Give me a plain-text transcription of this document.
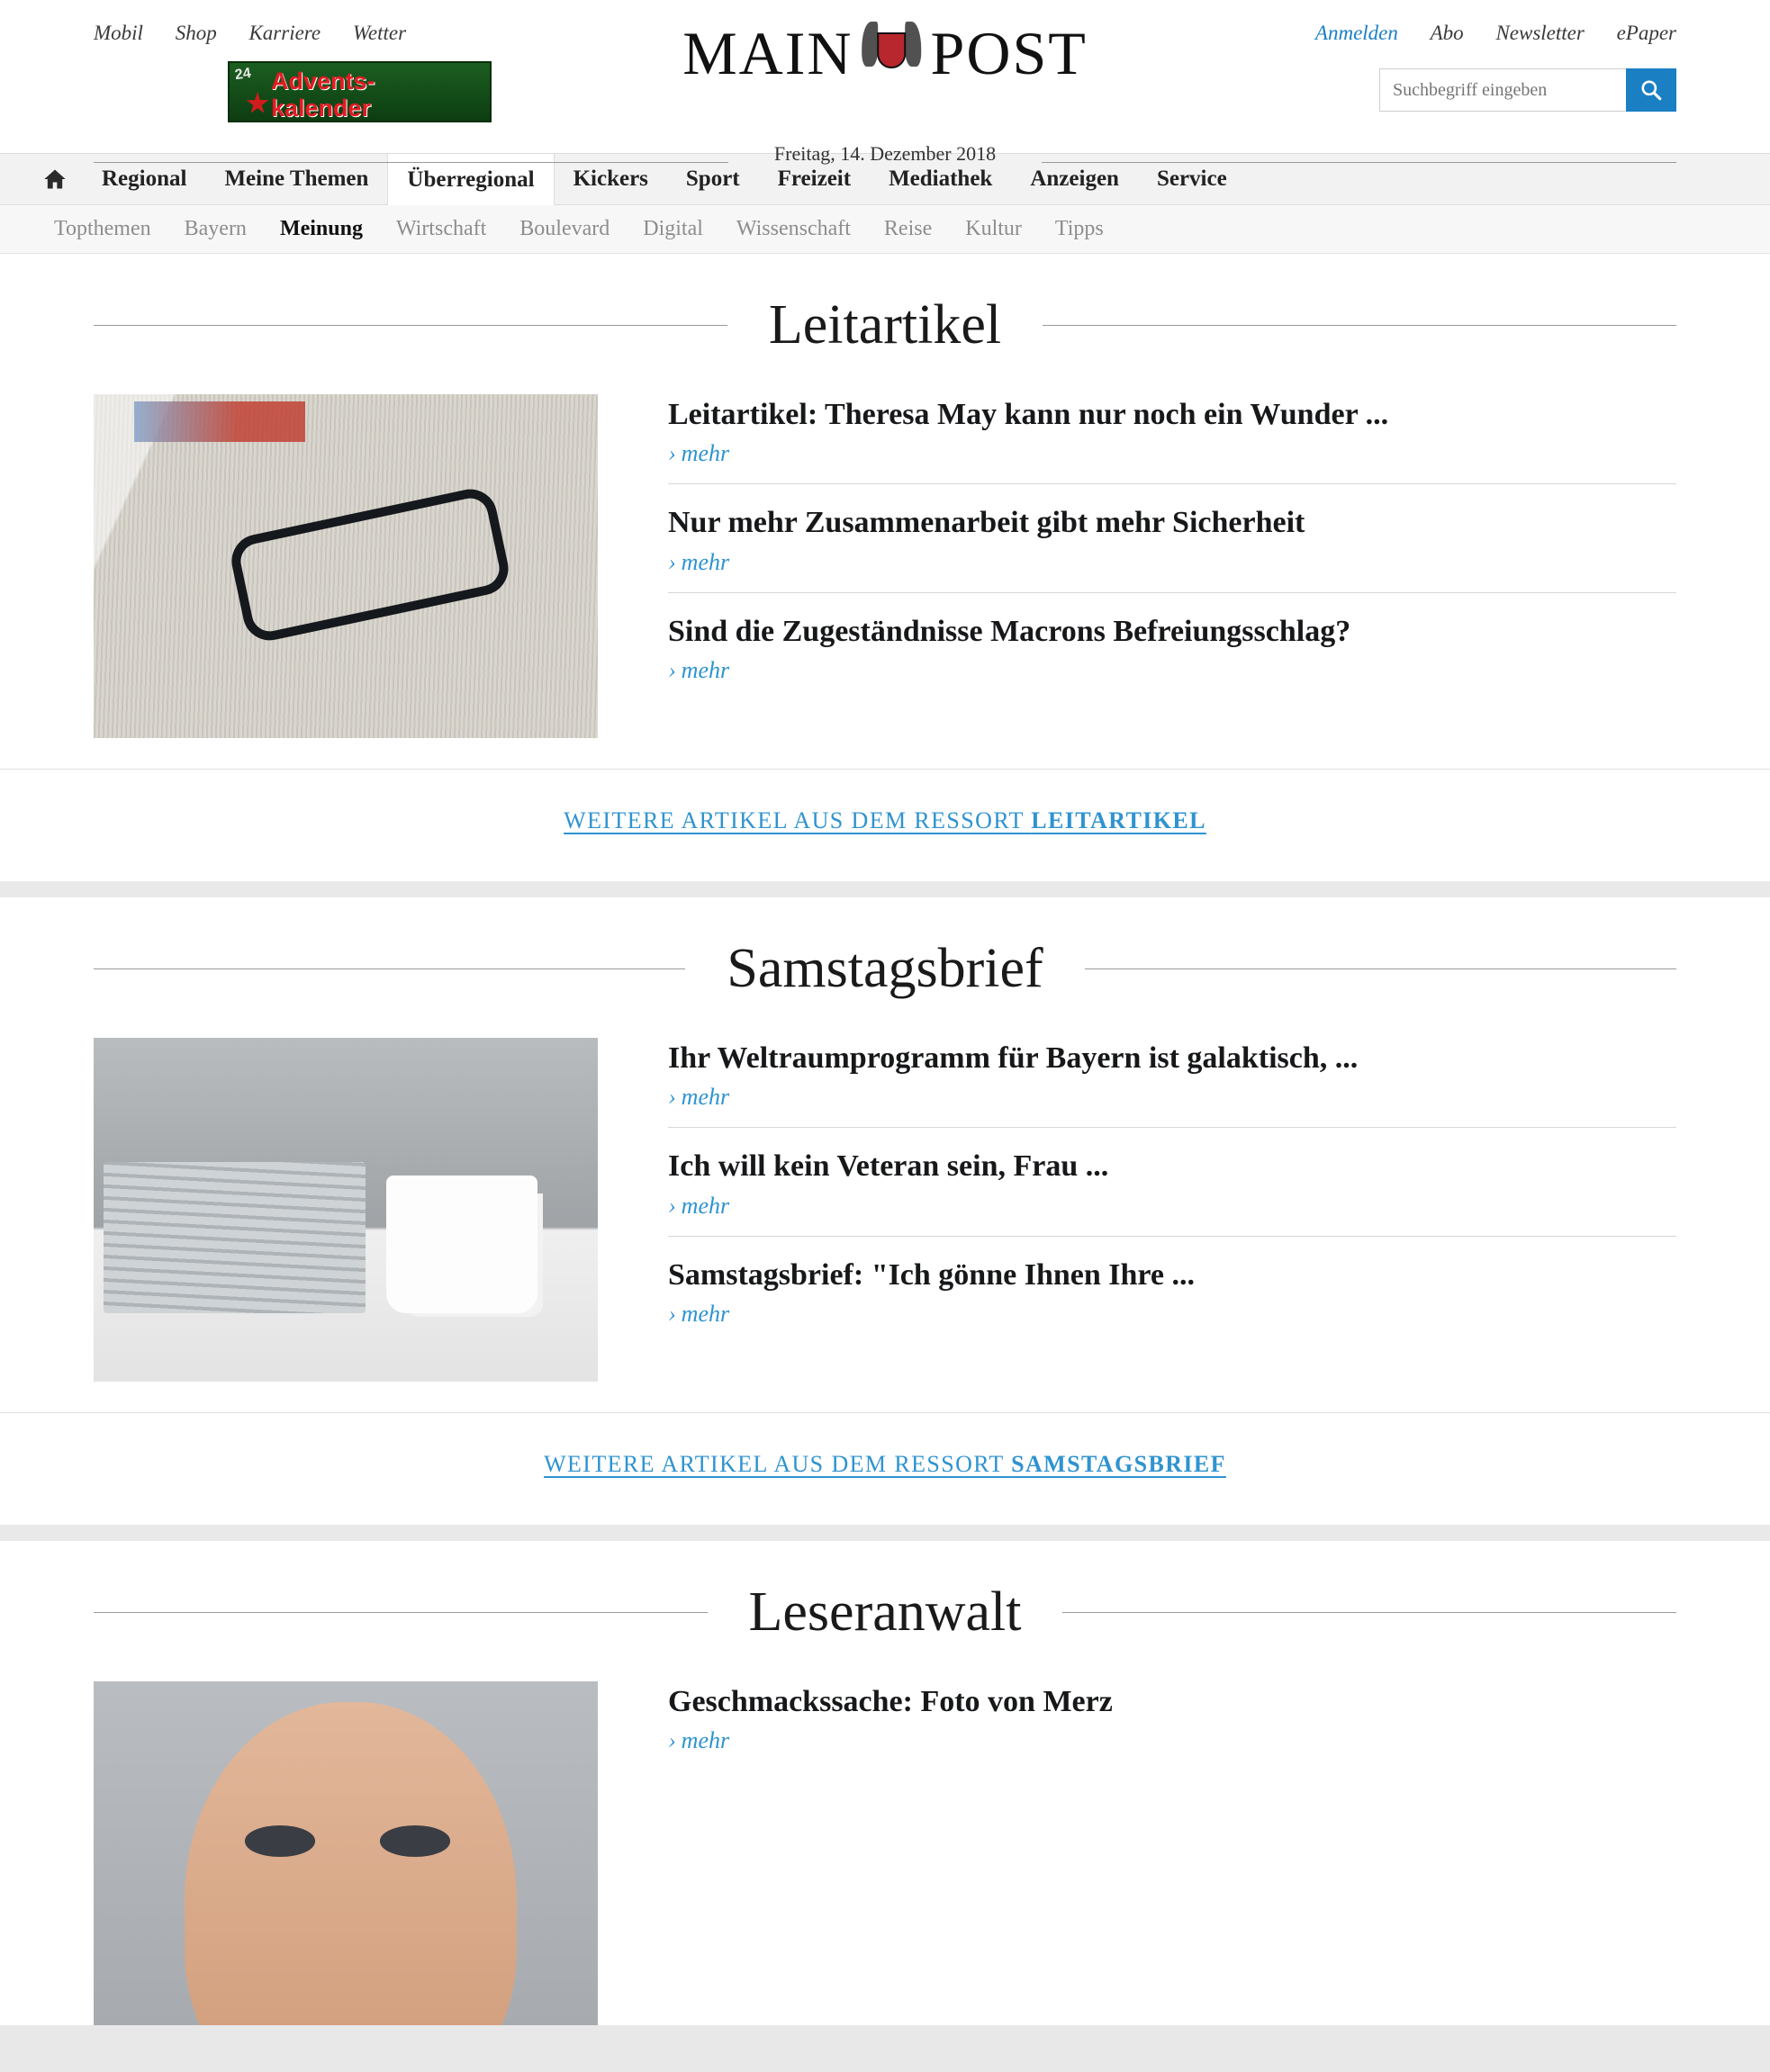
Mobil Shop Karriere Wetter
24 Advents-
kalender
MAIN POST
Freitag, 14. Dezember 2018
Anmelden Abo Newsletter ePaper
Suchbegriff eingeben
Regional	Meine Themen	Überregional	Kickers	Sport	Freizeit	Mediathek	Anzeigen	Service
Topthemen Bayern Meinung Wirtschaft Boulevard Digital Wissenschaft Reise Kultur Tipps
Leitartikel
Leitartikel: Theresa May kann nur noch ein Wunder ...
› mehr
Nur mehr Zusammenarbeit gibt mehr Sicherheit
› mehr
Sind die Zugeständnisse Macrons Befreiungsschlag?
› mehr
WEITERE ARTIKEL AUS DEM RESSORT LEITARTIKEL
Samstagsbrief
Ihr Weltraumprogramm für Bayern ist galaktisch, ...
› mehr
Ich will kein Veteran sein, Frau ...
› mehr
Samstagsbrief: "Ich gönne Ihnen Ihre ...
› mehr
WEITERE ARTIKEL AUS DEM RESSORT SAMSTAGSBRIEF
Leseranwalt
Geschmackssache: Foto von Merz
› mehr
